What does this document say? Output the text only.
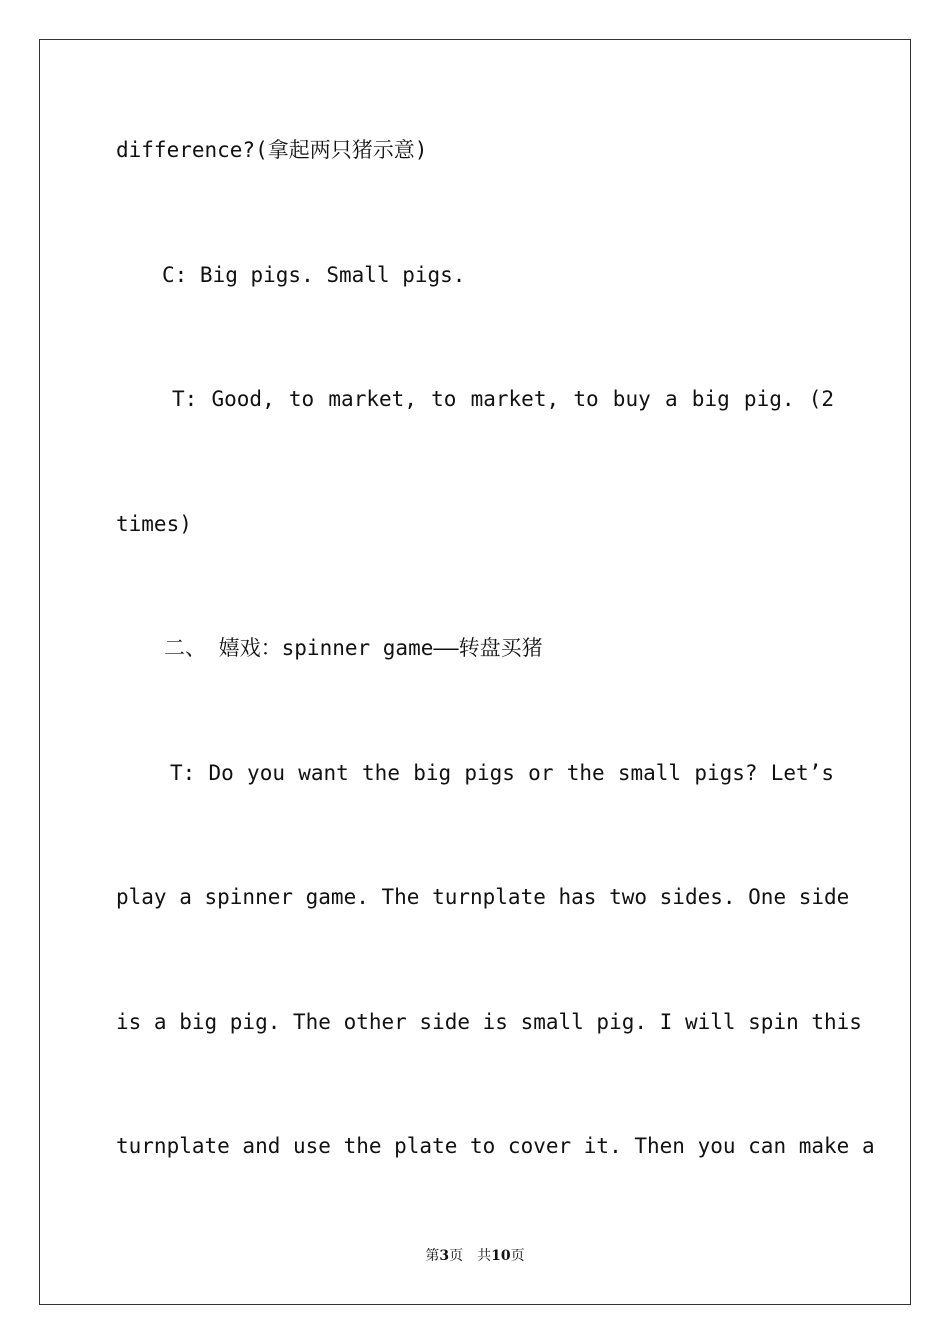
difference?(拿起两只猪示意)
C: Big pigs. Small pigs.
T: Good, to market, to market, to buy a big pig. (2
times)
二、 嬉戏：spinner game——转盘买猪
T: Do you want the big pigs or the small pigs? Let’s
play a spinner game. The turnplate has two sides. One side
is a big pig. The other side is small pig. I will spin this
turnplate and use the plate to cover it. Then you can make a
第3页 共10页
